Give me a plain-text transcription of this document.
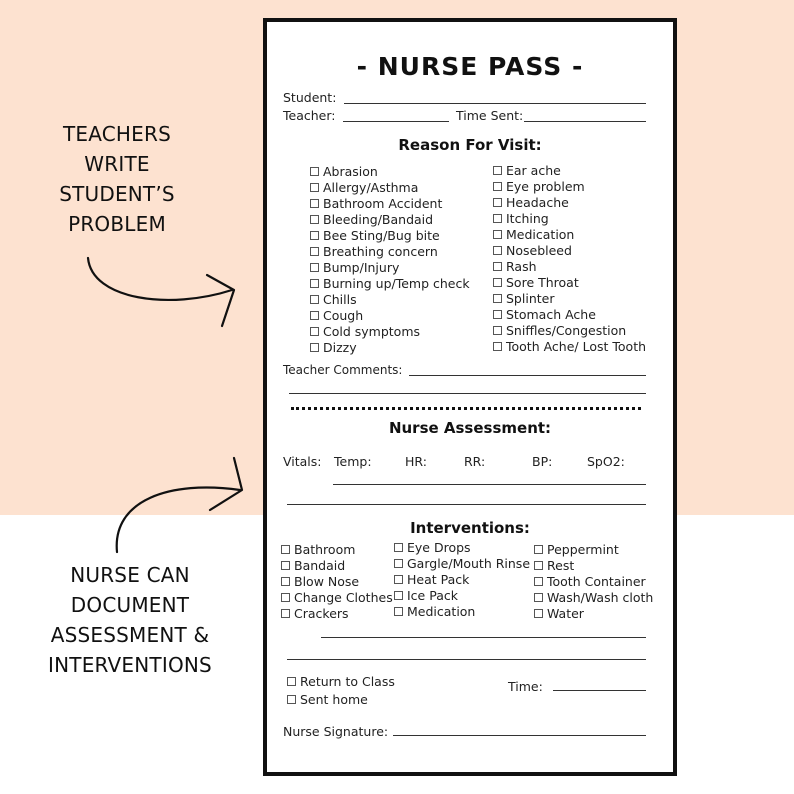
TEACHERS
WRITE
STUDENT’S
PROBLEM
NURSE CAN
DOCUMENT
ASSESSMENT &
INTERVENTIONS
- NURSE PASS -
Student:
Teacher:	Time Sent:
Reason For Visit:
Abrasion
Allergy/Asthma
Bathroom Accident
Bleeding/Bandaid
Bee Sting/Bug bite
Breathing concern
Bump/Injury
Burning up/Temp check
Chills
Cough
Cold symptoms
Dizzy
Ear ache
Eye problem
Headache
Itching
Medication
Nosebleed
Rash
Sore Throat
Splinter
Stomach Ache
Sniffles/Congestion
Tooth Ache/ Lost Tooth
Teacher Comments:
Nurse Assessment:
Vitals: Temp:	HR:	RR:	BP:	SpO2:
Interventions:
Bathroom
Bandaid
Blow Nose
Change Clothes
Crackers
Eye Drops
Gargle/Mouth Rinse
Heat Pack
Ice Pack
Medication
Peppermint
Rest
Tooth Container
Wash/Wash cloth
Water
Return to Class
Sent home
Time:
Nurse Signature:
